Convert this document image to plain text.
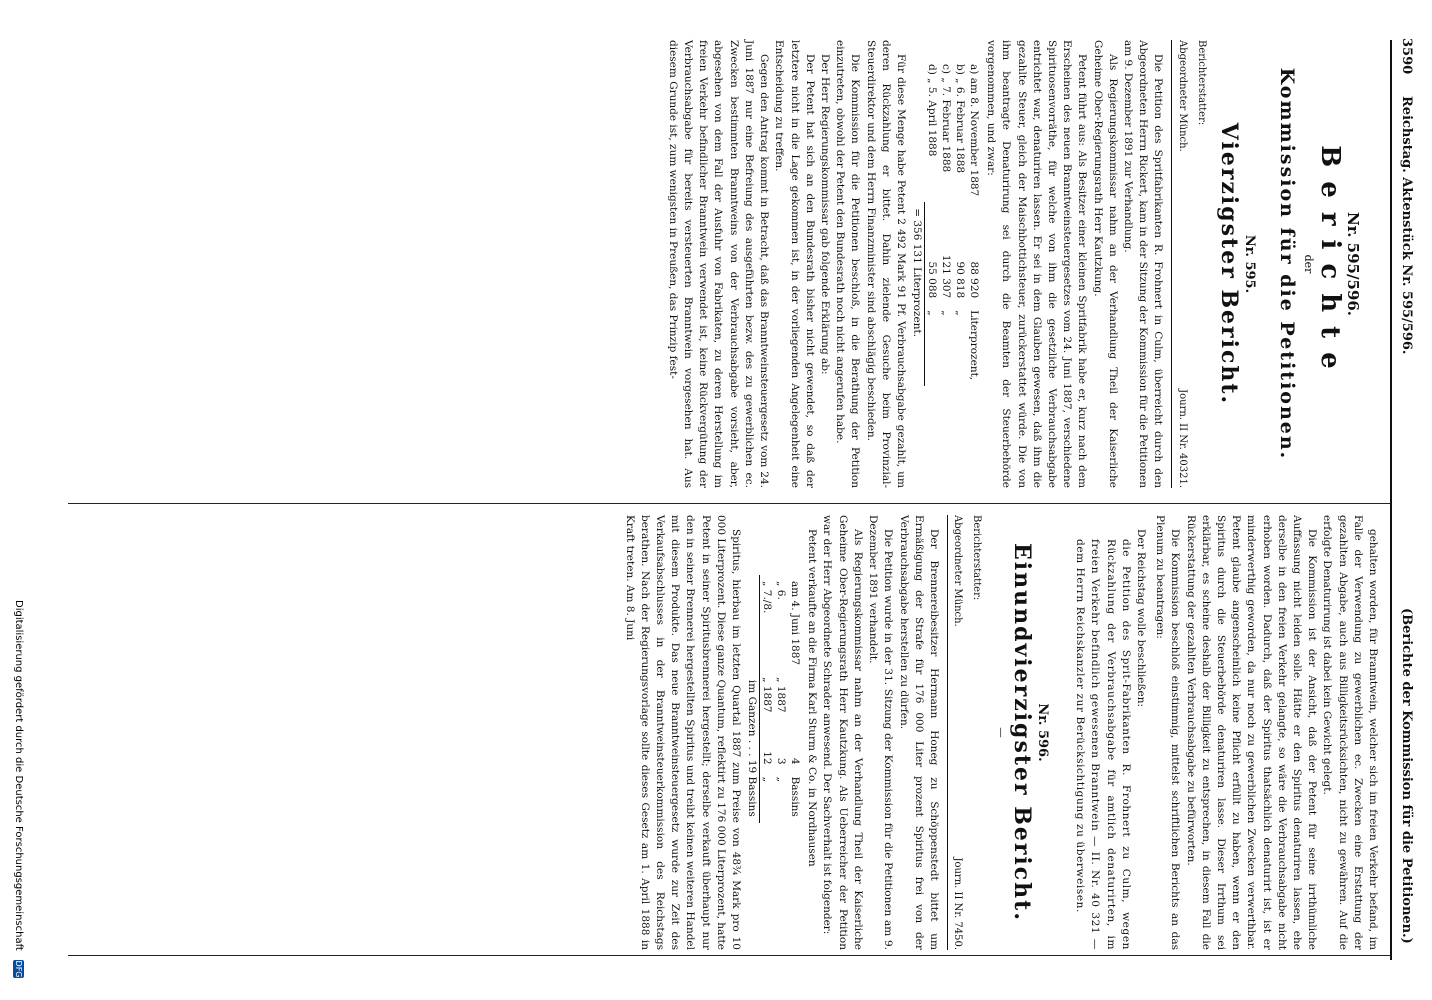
3590
Reichstag. Aktenstück Nr. 595/596.
(Berichte der Kommission für die Petitionen.)
Nr. 595/596.
Berichte
der
Kommission für die Petitionen.
Nr. 595.
Vierzigster Bericht.
Berichterstatter:
Abgeordneter Münch.
Journ. II Nr. 40321.

Die Petition des Spritfabrikanten R. Frohnert in Culm, überreicht durch den Abgeordneten Herrn Rickert, kam in der Sitzung der Kommission für die Petitionen am 9. Dezember 1891 zur Verhandlung.

Als Regierungskommissar nahm an der Verhandlung Theil der Kaiserliche Geheime Ober-Regierungsrath Herr Kautzkung.

Petent führt aus: Als Besitzer einer kleinen Spritfabrik habe er, kurz nach dem Erscheinen des neuen Branntweinsteuergesetzes vom 24. Juni 1887, verschiedene Spirituosenvorräthe, für welche von ihm die gesetzliche Verbrauchsabgabe entrichtet war, denaturiren lassen. Er sei in dem Glauben gewesen, daß ihm die gezahlte Steuer, gleich der Maischbottichsteuer, zurückerstattet würde. Die von ihm beantragte Denaturirung sei durch die Beamten der Steuerbehörde vorgenommen, und zwar:

a) am 8. November 1887	88 920	Literprozent,
b) „ 6. Februar 1888	90 818	„
c) „ 7. Februar 1888	121 307	„
d) „ 5. April 1888	55 088	„
	= 356 131 Literprozent.	

Für diese Menge habe Petent 2 492 Mark 91 Pf. Verbrauchsabgabe gezahlt, um deren Rückzahlung er bittet. Dahin zielende Gesuche beim Provinzial-Steuerdirektor und dem Herrn Finanzminister sind abschlägig beschieden.

Die Kommission für die Petitionen beschloß, in die Berathung der Petition einzutreten, obwohl der Petent den Bundesrath noch nicht angerufen habe.

Der Herr Regierungskommissar gab folgende Erklärung ab:

Der Petent hat sich an den Bundesrath bisher nicht gewendet, so daß der letztere nicht in die Lage gekommen ist, in der vorliegenden Angelegenheit eine Entscheidung zu treffen.

Gegen den Antrag kommt in Betracht, daß das Branntweinsteuergesetz vom 24. Juni 1887 nur eine Befreiung des ausgeführten bezw. des zu gewerblichen ec. Zwecken bestimmten Branntweins von der Verbrauchsabgabe vorsieht, aber, abgesehen von dem Fall der Ausfuhr von Fabrikaten, zu deren Herstellung im freien Verkehr befindlicher Branntwein verwendet ist, keine Rückvergütung der Verbrauchsabgabe für bereits versteuerten Branntwein vorgesehen hat. Aus diesem Grunde ist, zum wenigsten in Preußen, das Prinzip fest-

gehalten worden, für Branntwein, welcher sich im freien Verkehr befand, im Falle der Verwendung zu gewerblichen ec. Zwecken eine Erstattung der gezahlten Abgabe, auch aus Billigkeitsrücksichten, nicht zu gewähren. Auf die erfolgte Denaturirung ist dabei kein Gewicht gelegt.

Die Kommission ist der Ansicht, daß der Petent für seine irrthümliche Auffassung nicht leiden solle. Hätte er den Spiritus denaturiren lassen, ehe derselbe in den freien Verkehr gelangte, so wäre die Verbrauchsabgabe nicht erhoben worden. Dadurch, daß der Spiritus thatsächlich denaturirt ist, ist er minderwerthig geworden, da nur noch zu gewerblichen Zwecken verwerthbar. Petent glaube angenscheinlich keine Pflicht erfüllt zu haben, wenn er den Spiritus durch die Steuerbehörde denaturiren lasse. Dieser Irrthum sei erklärbar, es scheine deshalb der Billigkeit zu entsprechen, in diesem Fall die Rückerstattung der gezahlten Verbrauchsabgabe zu befürworten.

Die Kommission beschloß einstimmig, mittelst schriftlichen Berichts an das Plenum zu beantragen:

Der Reichstag wolle beschließen:

die Petition des Sprit-Fabrikanten R. Frohnert zu Culm, wegen Rückzahlung der Verbrauchsabgabe für amtlich denaturirten, im freien Verkehr befindlich gewesenen Branntwein — II. Nr. 40 321 — dem Herrn Reichskanzler zur Berücksichtigung zu überweisen.

Nr. 596.
Einundvierzigster Bericht.
—
Berichterstatter:
Abgeordneter Münch.
Journ. II Nr. 7450.

Der Brennereibesitzer Hermann Honeg zu Schöppenstedt bittet um Ermäßigung der Strafe für 176 000 Liter prozent Spiritus frei von der Verbrauchsabgabe herstellen zu dürfen.

Die Petition wurde in der 31. Sitzung der Kommission für die Petitionen am 9. Dezember 1891 verhandelt.

Als Regierungskommissar nahm an der Verhandlung Theil der Kaiserliche Geheime Ober-Regierungsrath Herr Kautzkung. Als Ueberreicher der Petition war der Herr Abgeordnete Schrader anwesend. Der Sachverhalt ist folgender:

Petent verkaufte an die Firma Karl Sturm & Co. in Nordhausen

am 4. Juni 1887		4	Bassins
„ 6.	„ 1887	3	„
„ 7./8.	„ 1887	12	„
im Ganzen . . . 19 Bassins			

Spiritus, hierbau im letzten Quartal 1887 zum Preise von 48¾ Mark pro 10 000 Literprozent. Diese ganze Quantum, reflektirt zu 176 000 Literprozent, hatte Petent in seiner Spiritusbrennerei hergestellt; derselbe verkauft überhaupt nur den in seiner Brennerei hergestellten Spiritus und treibt keinen weiteren Handel mit diesem Produkte. Das neue Branntweinsteuergesetz wurde zur Zeit des Verkaufsabschlusses in der Branntweinsteuerkommission des Reichstags berathen. Nach der Regierungsvorlage sollte dieses Gesetz am 1. April 1888 in Kraft treten. Am 8. Juni

Digitalisierung gefördert durch die Deutsche Forschungsgemeinschaft DFG
